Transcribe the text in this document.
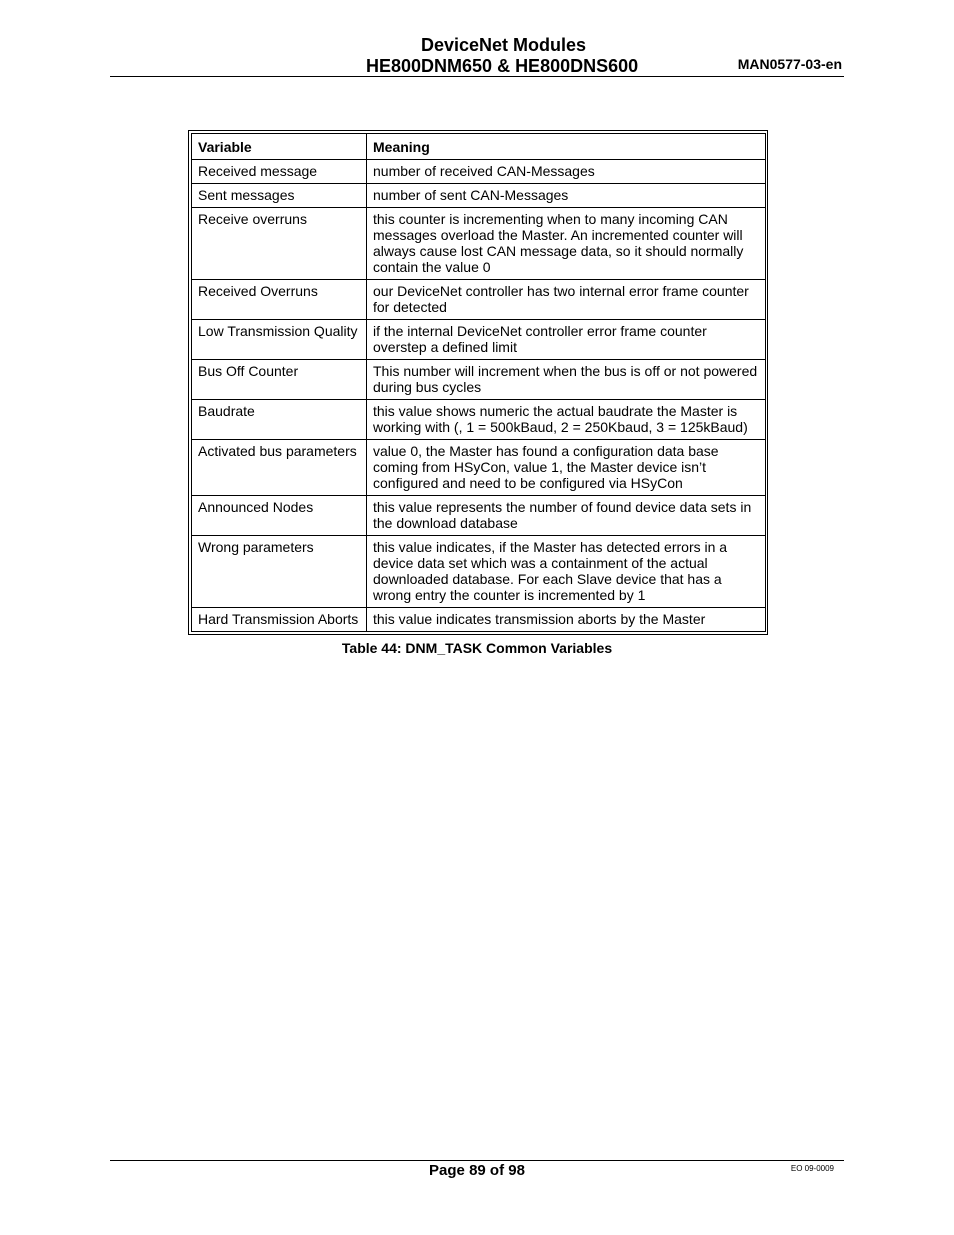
DeviceNet Modules
HE800DNM650 & HE800DNS600	MAN0577-03-en
Variable	Meaning
Received message	number of received CAN-Messages
Sent messages	number of sent CAN-Messages
Receive overruns	this counter is incrementing when to many incoming CAN messages overload the Master. An incremented counter will always cause lost CAN message data, so it should normally contain the value 0
Received Overruns	our DeviceNet controller has two internal error frame counter for detected
Low Transmission Quality	if the internal DeviceNet controller error frame counter overstep a defined limit
Bus Off Counter	This number will increment when the bus is off or not powered during bus cycles
Baudrate	this value shows numeric the actual baudrate the Master is working with (, 1 = 500kBaud, 2 = 250Kbaud, 3 = 125kBaud)
Activated bus parameters	value 0, the Master has found a configuration data base coming from HSyCon, value 1, the Master device isn’t configured and need to be configured via HSyCon
Announced Nodes	this value represents the number of found device data sets in the download database
Wrong parameters	this value indicates, if the Master has detected errors in a device data set which was a containment of the actual downloaded database. For each Slave device that has a wrong entry the counter is incremented by 1
Hard Transmission Aborts	this value indicates transmission aborts by the Master
Table 44: DNM_TASK Common Variables
Page 89 of 98	EO 09-0009
